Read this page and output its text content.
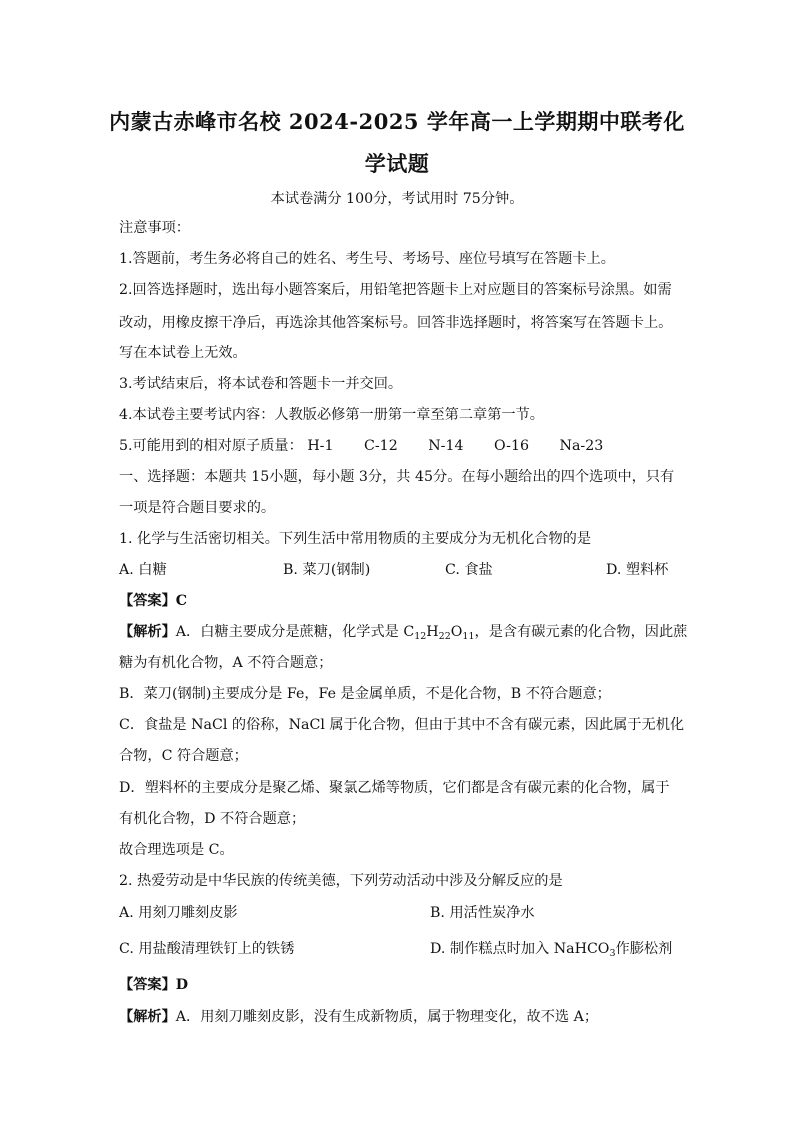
内蒙古赤峰市名校 2024-2025 学年高一上学期期中联考化
学试题
本试卷满分 100分，考试用时 75分钟。
注意事项：
1.答题前，考生务必将自己的姓名、考生号、考场号、座位号填写在答题卡上。
2.回答选择题时，选出每小题答案后，用铅笔把答题卡上对应题目的答案标号涂黑。如需
改动，用橡皮擦干净后，再选涂其他答案标号。回答非选择题时，将答案写在答题卡上。
写在本试卷上无效。
3.考试结束后，将本试卷和答题卡一并交回。
4.本试卷主要考试内容：人教版必修第一册第一章至第二章第一节。
5.可能用到的相对原子质量： H-1 C-12 N-14 O-16 Na-23
一、选择题：本题共 15小题，每小题 3分，共 45分。在每小题给出的四个选项中，只有
一项是符合题目要求的。
1. 化学与生活密切相关。下列生活中常用物质的主要成分为无机化合物的是
A. 白糖	B. 菜刀(钢制)	C. 食盐	D. 塑料杯
【答案】C
【解析】A．白糖主要成分是蔗糖，化学式是 $C_{12}H_{22}O_{11}$，是含有碳元素的化合物，因此蔗
糖为有机化合物，A 不符合题意；
B．菜刀(钢制)主要成分是 Fe，Fe 是金属单质，不是化合物，B 不符合题意；
C．食盐是 NaCl 的俗称，NaCl 属于化合物，但由于其中不含有碳元素，因此属于无机化
合物，C 符合题意；
D．塑料杯的主要成分是聚乙烯、聚氯乙烯等物质，它们都是含有碳元素的化合物，属于
有机化合物，D 不符合题意；
故合理选项是 C。
2. 热爱劳动是中华民族的传统美德，下列劳动活动中涉及分解反应的是
A. 用刻刀雕刻皮影	B. 用活性炭净水
C. 用盐酸清理铁钉上的铁锈	D. 制作糕点时加入 NaHCO$_3$作膨松剂
【答案】D
【解析】A．用刻刀雕刻皮影，没有生成新物质，属于物理变化，故不选 A；
